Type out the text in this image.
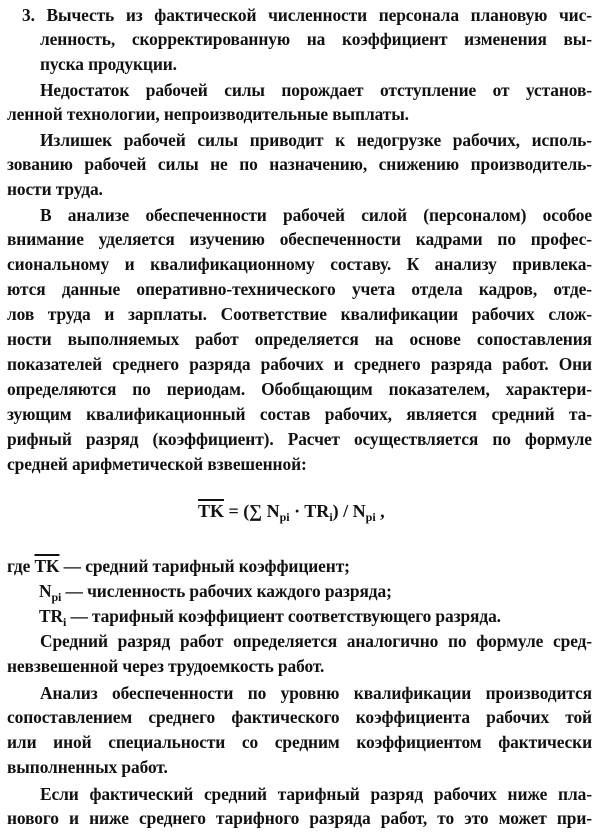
3. Вычесть из фактической численности персонала плановую чис-
ленность, скорректированную на коэффициент изменения вы-
пуска продукции.
Недостаток рабочей силы порождает отступление от установ-
ленной технологии, непроизводительные выплаты.
Излишек рабочей силы приводит к недогрузке рабочих, исполь-
зованию рабочей силы не по назначению, снижению производитель-
ности труда.
В анализе обеспеченности рабочей силой (персоналом) особое
внимание уделяется изучению обеспеченности кадрами по профес-
сиональному и квалификационному составу. К анализу привлека-
ются данные оперативно-технического учета отдела кадров, отде-
лов труда и зарплаты. Соответствие квалификации рабочих слож-
ности выполняемых работ определяется на основе сопоставления
показателей среднего разряда рабочих и среднего разряда работ. Они
определяются по периодам. Обобщающим показателем, характери-
зующим квалификационный состав рабочих, является средний та-
рифный разряд (коэффициент). Расчет осуществляется по формуле
средней арифметической взвешенной:
$\overline{TK}$ = (∑ $N_{pi} \cdot TR_i) / N_{pi}$ ,
где $\overline{TK}$ — средний тарифный коэффициент;
$N_{pi}$ — численность рабочих каждого разряда;
$TR_i$ — тарифный коэффициент соответствующего разряда.
Средний разряд работ определяется аналогично по формуле сред-
невзвешенной через трудоемкость работ.
Анализ обеспеченности по уровню квалификации производится
сопоставлением среднего фактического коэффициента рабочих той
или иной специальности со средним коэффициентом фактически
выполненных работ.
Если фактический средний тарифный разряд рабочих ниже пла-
нового и ниже среднего тарифного разряда работ, то это может при-
